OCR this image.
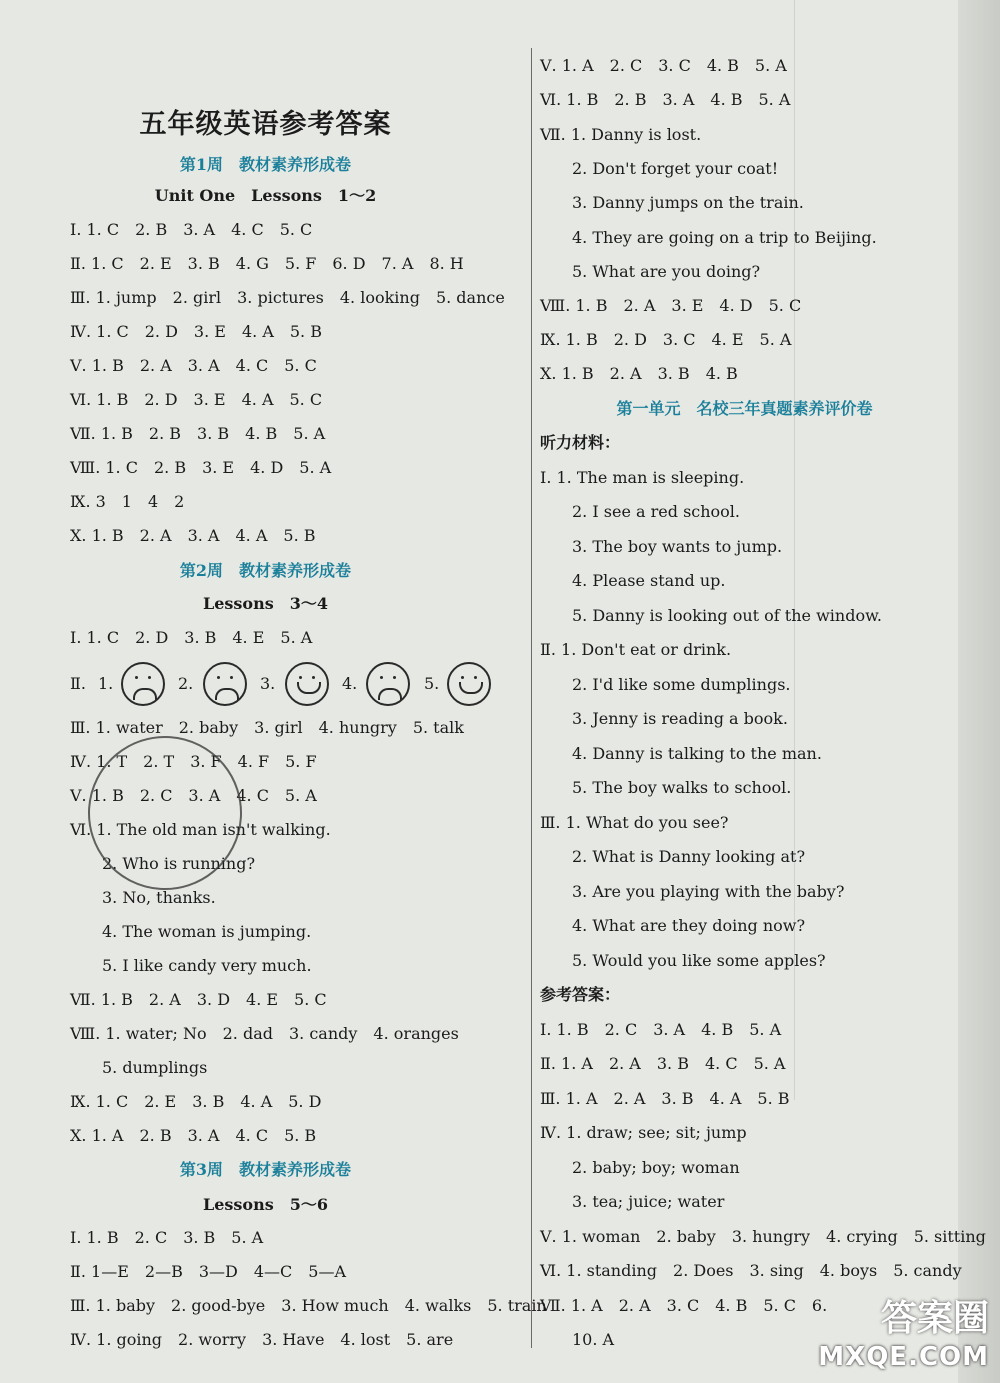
五年级英语参考答案
第1周　教材素养形成卷
Unit One　Lessons　1～2
Ⅰ. 1. C　2. B　3. A　4. C　5. C
Ⅱ. 1. C　2. E　3. B　4. G　5. F　6. D　7. A　8. H
Ⅲ. 1. jump　2. girl　3. pictures　4. looking　5. dance
Ⅳ. 1. C　2. D　3. E　4. A　5. B
Ⅴ. 1. B　2. A　3. A　4. C　5. C
Ⅵ. 1. B　2. D　3. E　4. A　5. C
Ⅶ. 1. B　2. B　3. B　4. B　5. A
Ⅷ. 1. C　2. B　3. E　4. D　5. A
Ⅸ. 3　1　4　2
Ⅹ. 1. B　2. A　3. A　4. A　5. B
第2周　教材素养形成卷
Lessons　3～4
Ⅰ. 1. C　2. D　3. B　4. E　5. A
Ⅱ. 1.	2.	3.	4.	5.
Ⅲ. 1. water　2. baby　3. girl　4. hungry　5. talk
Ⅳ. 1. T　2. T　3. F　4. F　5. F
Ⅴ. 1. B　2. C　3. A　4. C　5. A
Ⅵ. 1. The old man isn't walking.
　　2. Who is running?
　　3. No, thanks.
　　4. The woman is jumping.
　　5. I like candy very much.
Ⅶ. 1. B　2. A　3. D　4. E　5. C
Ⅷ. 1. water; No　2. dad　3. candy　4. oranges
　　5. dumplings
Ⅸ. 1. C　2. E　3. B　4. A　5. D
Ⅹ. 1. A　2. B　3. A　4. C　5. B
第3周　教材素养形成卷
Lessons　5～6
Ⅰ. 1. B　2. C　3. B　5. A
Ⅱ. 1—E　2—B　3—D　4—C　5—A
Ⅲ. 1. baby　2. good-bye　3. How much　4. walks　5. train
Ⅳ. 1. going　2. worry　3. Have　4. lost　5. are
Ⅴ. 1. A　2. C　3. C　4. B　5. A
Ⅵ. 1. B　2. B　3. A　4. B　5. A
Ⅶ. 1. Danny is lost.
　　2. Don't forget your coat!
　　3. Danny jumps on the train.
　　4. They are going on a trip to Beijing.
　　5. What are you doing?
Ⅷ. 1. B　2. A　3. E　4. D　5. C
Ⅸ. 1. B　2. D　3. C　4. E　5. A
Ⅹ. 1. B　2. A　3. B　4. B
第一单元　名校三年真题素养评价卷
听力材料：
Ⅰ. 1. The man is sleeping.
　　2. I see a red school.
　　3. The boy wants to jump.
　　4. Please stand up.
　　5. Danny is looking out of the window.
Ⅱ. 1. Don't eat or drink.
　　2. I'd like some dumplings.
　　3. Jenny is reading a book.
　　4. Danny is talking to the man.
　　5. The boy walks to school.
Ⅲ. 1. What do you see?
　　2. What is Danny looking at?
　　3. Are you playing with the baby?
　　4. What are they doing now?
　　5. Would you like some apples?
参考答案：
Ⅰ. 1. B　2. C　3. A　4. B　5. A
Ⅱ. 1. A　2. A　3. B　4. C　5. A
Ⅲ. 1. A　2. A　3. B　4. A　5. B
Ⅳ. 1. draw; see; sit; jump
　　2. baby; boy; woman
　　3. tea; juice; water
Ⅴ. 1. woman　2. baby　3. hungry　4. crying　5. sitting
Ⅵ. 1. standing　2. Does　3. sing　4. boys　5. candy
Ⅶ. 1. A　2. A　3. C　4. B　5. C　6.
　　10. A
答案圈
MXQE.COM
